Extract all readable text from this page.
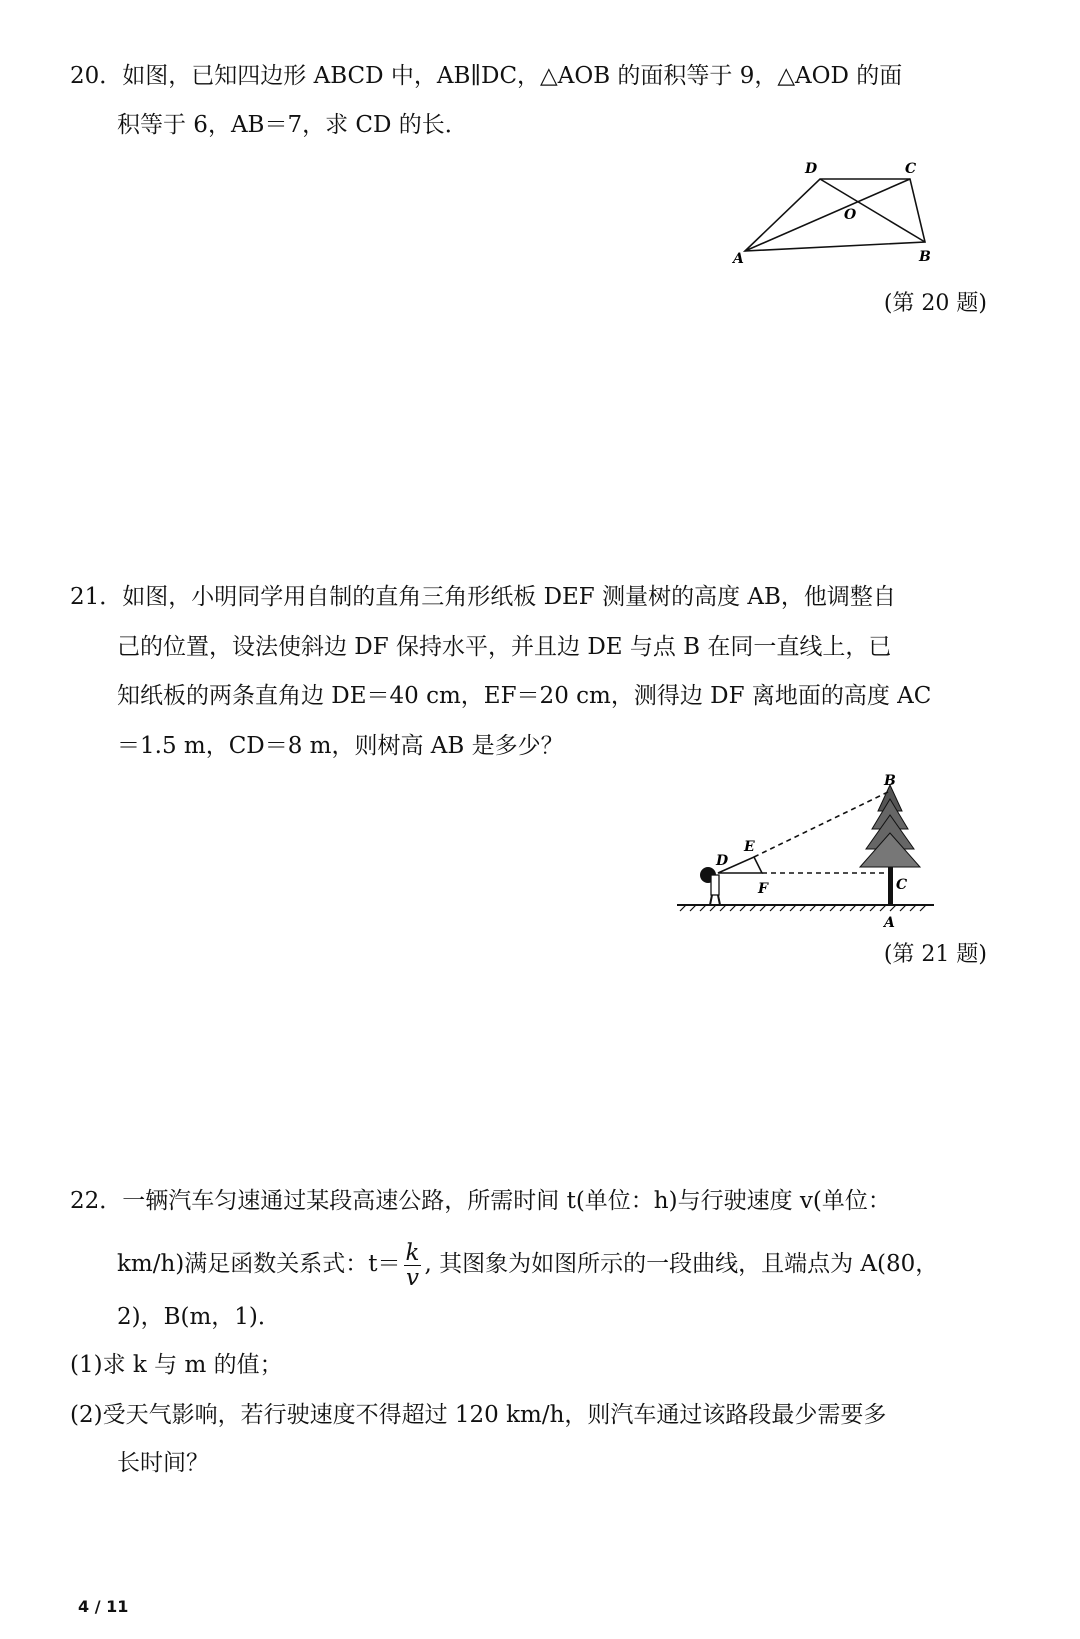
20．如图，已知四边形 ABCD 中，AB∥DC，△AOB 的面积等于 9，△AOD 的面
积等于 6，AB＝7，求 CD 的长．
A	B
C
D
O
(第 20 题)
21．如图，小明同学用自制的直角三角形纸板 DEF 测量树的高度 AB，他调整自
己的位置，设法使斜边 DF 保持水平，并且边 DE 与点 B 在同一直线上，已
知纸板的两条直角边 DE＝40 cm，EF＝20 cm，测得边 DF 离地面的高度 AC
＝1.5 m，CD＝8 m，则树高 AB 是多少？
B
C
A
D
E
F
(第 21 题)
22．一辆汽车匀速通过某段高速公路，所需时间 t(单位：h)与行驶速度 v(单位：
km/h)满足函数关系式：$t= \frac{k}{v}$ , 其图象为如图所示的一段曲线，且端点为 A(80，
2)，B(m，1)．
(1)求 k 与 m 的值；
(2)受天气影响，若行驶速度不得超过 120 km/h，则汽车通过该路段最少需要多
长时间？
4 / 11
